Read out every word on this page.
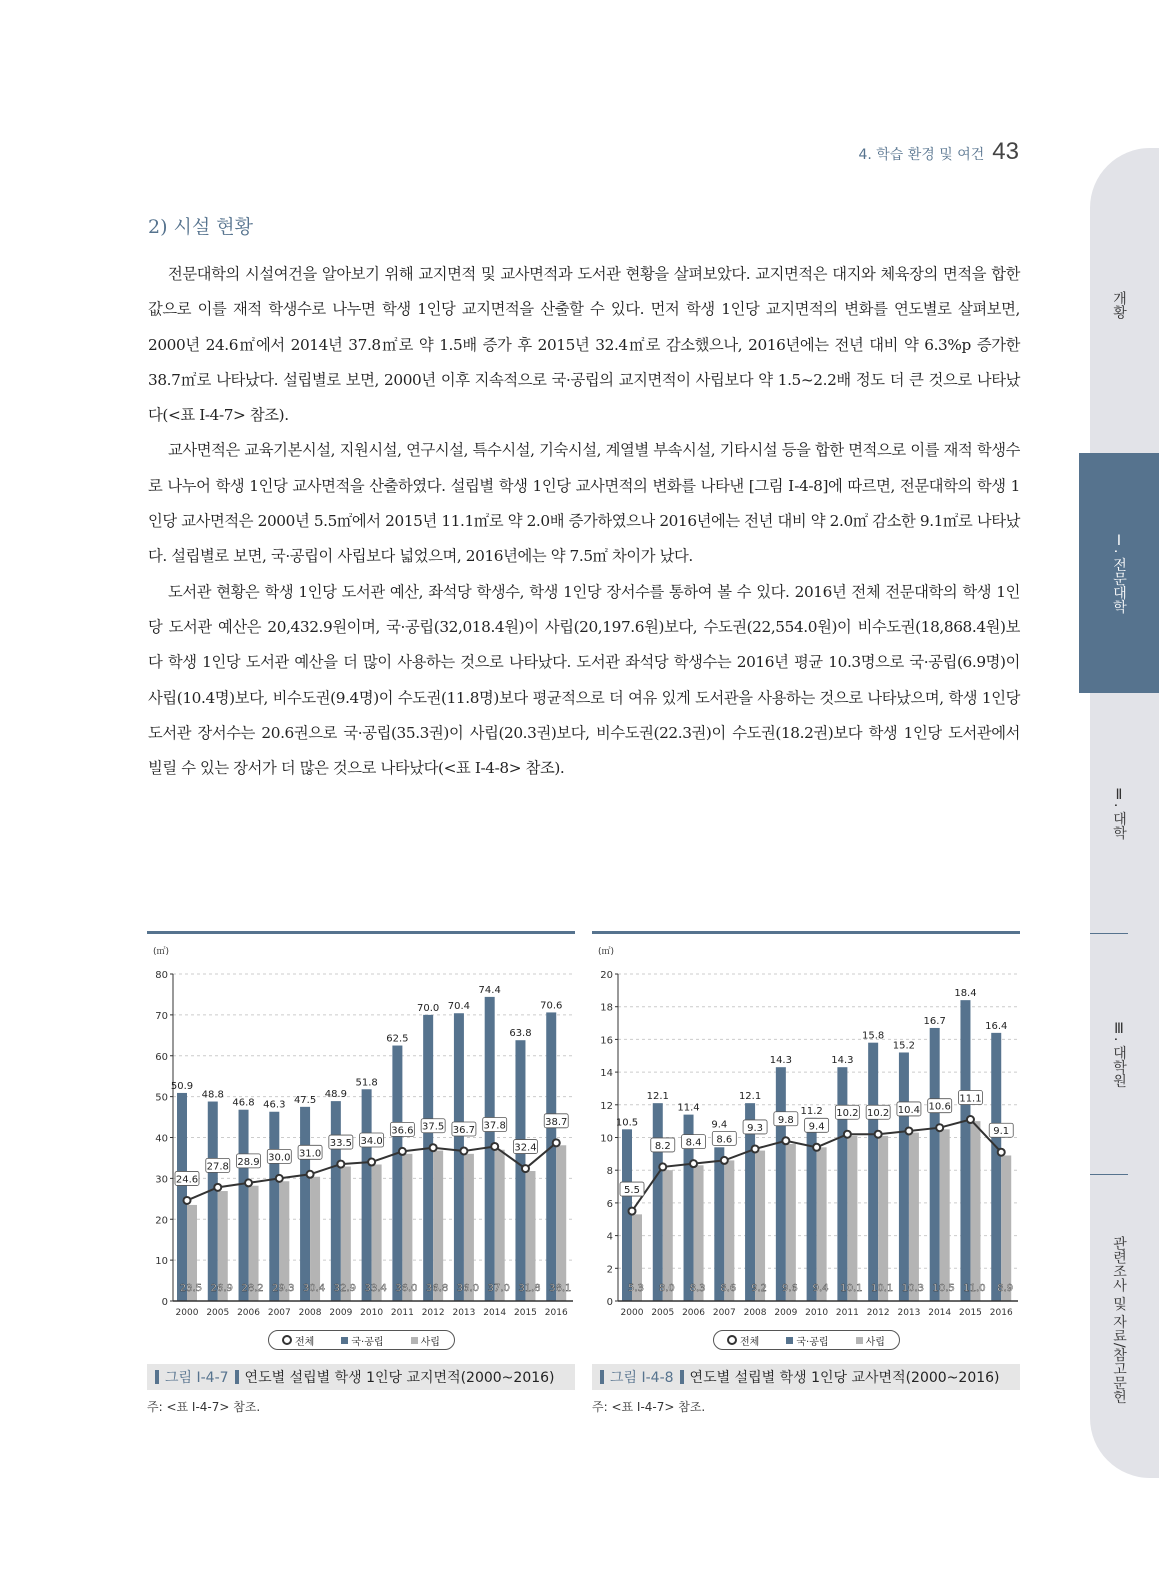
4. 학습 환경 및 여건 43
2) 시설 현황

전문대학의 시설여건을 알아보기 위해 교지면적 및 교사면적과 도서관 현황을 살펴보았다. 교지면적은 대지와 체육장의 면적을 합한 값으로 이를 재적 학생수로 나누면 학생 1인당 교지면적을 산출할 수 있다. 먼저 학생 1인당 교지면적의 변화를 연도별로 살펴보면, 2000년 24.6㎡에서 2014년 37.8㎡로 약 1.5배 증가 후 2015년 32.4㎡로 감소했으나, 2016년에는 전년 대비 약 6.3%p 증가한 38.7㎡로 나타났다. 설립별로 보면, 2000년 이후 지속적으로 국·공립의 교지면적이 사립보다 약 1.5~2.2배 정도 더 큰 것으로 나타났다(<표 Ⅰ-4-7> 참조).

교사면적은 교육기본시설, 지원시설, 연구시설, 특수시설, 기숙시설, 계열별 부속시설, 기타시설 등을 합한 면적으로 이를 재적 학생수로 나누어 학생 1인당 교사면적을 산출하였다. 설립별 학생 1인당 교사면적의 변화를 나타낸 [그림 Ⅰ-4-8]에 따르면, 전문대학의 학생 1인당 교사면적은 2000년 5.5㎡에서 2015년 11.1㎡로 약 2.0배 증가하였으나 2016년에는 전년 대비 약 2.0㎡ 감소한 9.1㎡로 나타났다. 설립별로 보면, 국·공립이 사립보다 넓었으며, 2016년에는 약 7.5㎡ 차이가 났다.

도서관 현황은 학생 1인당 도서관 예산, 좌석당 학생수, 학생 1인당 장서수를 통하여 볼 수 있다. 2016년 전체 전문대학의 학생 1인당 도서관 예산은 20,432.9원이며, 국·공립(32,018.4원)이 사립(20,197.6원)보다, 수도권(22,554.0원)이 비수도권(18,868.4원)보다 학생 1인당 도서관 예산을 더 많이 사용하는 것으로 나타났다. 도서관 좌석당 학생수는 2016년 평균 10.3명으로 국·공립(6.9명)이 사립(10.4명)보다, 비수도권(9.4명)이 수도권(11.8명)보다 평균적으로 더 여유 있게 도서관을 사용하는 것으로 나타났으며, 학생 1인당 도서관 장서수는 20.6권으로 국·공립(35.3권)이 사립(20.3권)보다, 비수도권(22.3권)이 수도권(18.2권)보다 학생 1인당 도서관에서 빌릴 수 있는 장서가 더 많은 것으로 나타났다(<표 Ⅰ-4-8> 참조).

개황
Ⅰ. 전문대학
Ⅱ. 대학
Ⅲ. 대학원
관련조사 및 자료/참고문헌
(㎡)
0
10
20
30
40
50
60
70
80
50.9
23.5
2000
48.8
26.9
2005
46.8
28.2
2006
46.3
29.3
2007
47.5
30.4
2008
48.9
32.9
2009
51.8
33.4
2010
62.5
36.0
2011
70.0
36.8
2012
70.4
36.0
2013
74.4
37.0
2014
63.8
31.8
2015
70.6
38.1
2016
24.6
27.8 28.9 30.0 31.0
33.5 34.0
36.6 37.5 36.7 37.8
32.4
38.7
전체	국·공립	사립
그림 Ⅰ-4-7 연도별 설립별 학생 1인당 교지면적(2000~2016)
주: <표 Ⅰ-4-7> 참조.
(㎡)
0
2
4
6
8
10
12
14
16
18
20
10.5
5.3
2000
12.1
8.0
2005
11.4
8.3
2006
9.4
8.6
2007
12.1
9.2
2008
14.3
9.6
2009
11.2
9.4
2010
14.3
10.1
2011
15.8
10.1
2012
15.2
10.3
2013
16.7
10.5
2014
18.4
11.0
2015
16.4
8.9
2016
5.5
8.2 8.4 8.6
9.3
9.8
9.4
10.2 10.2 10.4 10.6
11.1
9.1
전체	국·공립	사립
그림 Ⅰ-4-8 연도별 설립별 학생 1인당 교사면적(2000~2016)
주: <표 Ⅰ-4-7> 참조.
